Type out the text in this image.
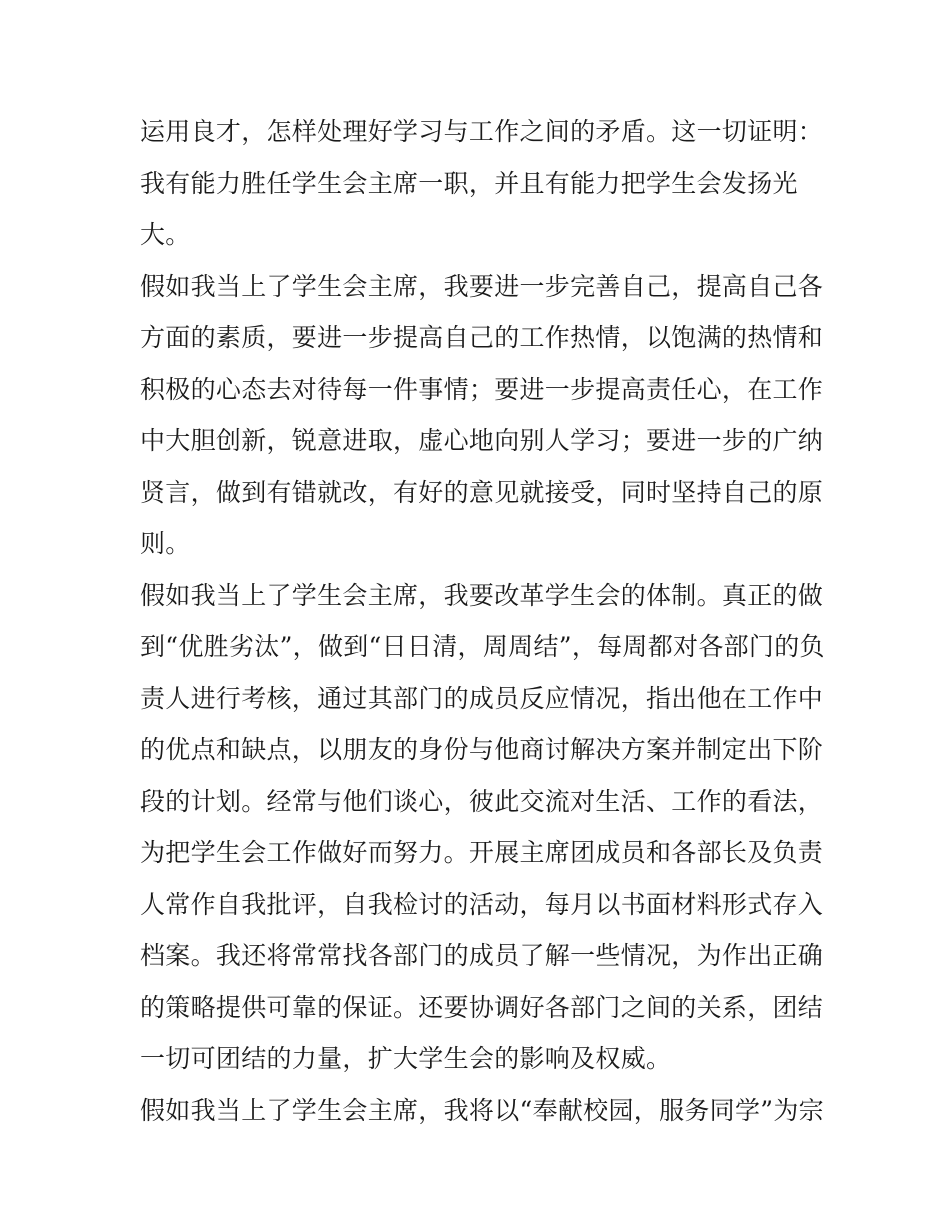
运用良才，怎样处理好学习与工作之间的矛盾。这一切证明：
我有能力胜任学生会主席一职，并且有能力把学生会发扬光
大。
假如我当上了学生会主席，我要进一步完善自己，提高自己各
方面的素质，要进一步提高自己的工作热情，以饱满的热情和
积极的心态去对待每一件事情；要进一步提高责任心，在工作
中大胆创新，锐意进取，虚心地向别人学习；要进一步的广纳
贤言，做到有错就改，有好的意见就接受，同时坚持自己的原
则。
假如我当上了学生会主席，我要改革学生会的体制。真正的做
到“优胜劣汰”，做到“日日清，周周结”，每周都对各部门的负
责人进行考核，通过其部门的成员反应情况，指出他在工作中
的优点和缺点，以朋友的身份与他商讨解决方案并制定出下阶
段的计划。经常与他们谈心，彼此交流对生活、工作的看法，
为把学生会工作做好而努力。开展主席团成员和各部长及负责
人常作自我批评，自我检讨的活动，每月以书面材料形式存入
档案。我还将常常找各部门的成员了解一些情况，为作出正确
的策略提供可靠的保证。还要协调好各部门之间的关系，团结
一切可团结的力量，扩大学生会的影响及权威。
假如我当上了学生会主席，我将以“奉献校园，服务同学”为宗
